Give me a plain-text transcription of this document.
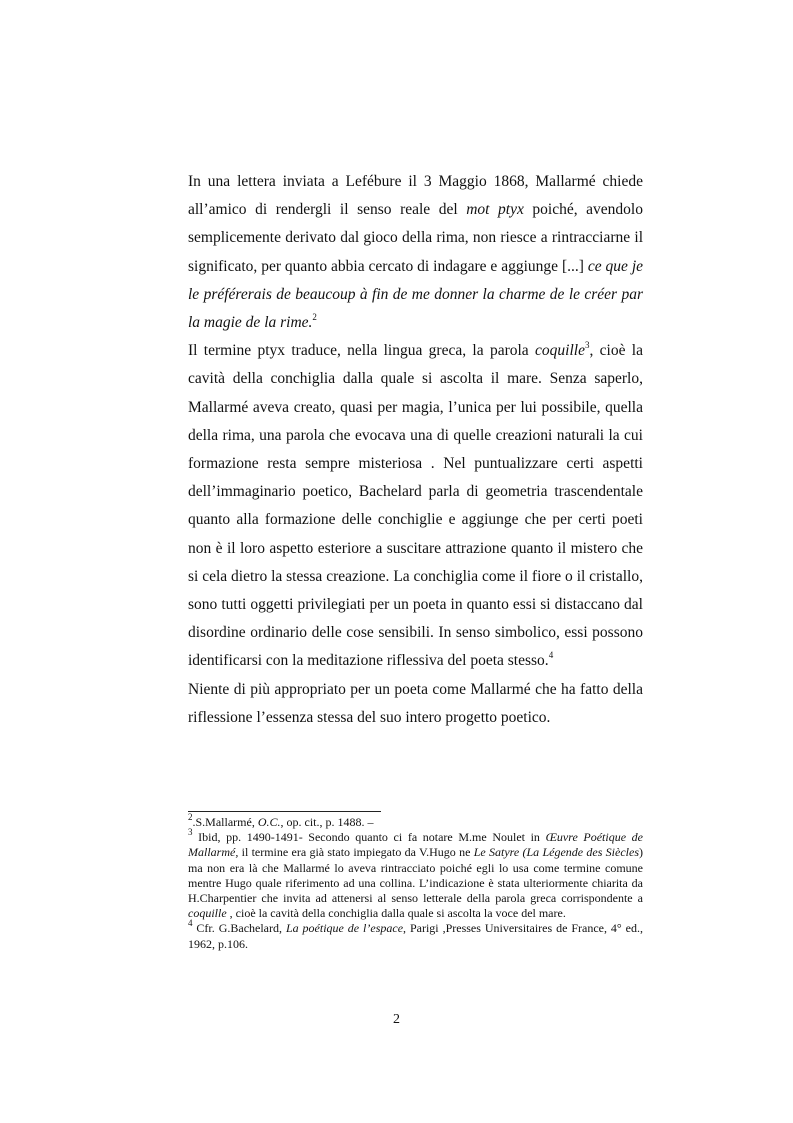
In una lettera inviata a Lefébure il 3 Maggio 1868, Mallarmé chiede all’amico di rendergli il senso reale del mot ptyx poiché, avendolo semplicemente derivato dal gioco della rima, non riesce a rintracciarne il significato, per quanto abbia cercato di indagare e aggiunge [...] ce que je le préférerais de beaucoup à fin de me donner la charme de le créer par la magie de la rime.$^2$

Il termine ptyx traduce, nella lingua greca, la parola coquille$^3$, cioè la cavità della conchiglia dalla quale si ascolta il mare. Senza saperlo, Mallarmé aveva creato, quasi per magia, l’unica per lui possibile, quella della rima, una parola che evocava una di quelle creazioni naturali la cui formazione resta sempre misteriosa . Nel puntualizzare certi aspetti dell’immaginario poetico, Bachelard parla di geometria trascendentale quanto alla formazione delle conchiglie e aggiunge che per certi poeti non è il loro aspetto esteriore a suscitare attrazione quanto il mistero che si cela dietro la stessa creazione. La conchiglia come il fiore o il cristallo, sono tutti oggetti privilegiati per un poeta in quanto essi si distaccano dal disordine ordinario delle cose sensibili. In senso simbolico, essi possono identificarsi con la meditazione riflessiva del poeta stesso.$^4$

Niente di più appropriato per un poeta come Mallarmé che ha fatto della riflessione l’essenza stessa del suo intero progetto poetico.

$^2$.S.Mallarmé, O.C., op. cit., p. 1488. –

$^3$ Ibid, pp. 1490-1491- Secondo quanto ci fa notare M.me Noulet in Œuvre Poétique de Mallarmé, il termine era già stato impiegato da V.Hugo ne Le Satyre (La Légende des Siècles) ma non era là che Mallarmé lo aveva rintracciato poiché egli lo usa come termine comune mentre Hugo quale riferimento ad una collina. L’indicazione è stata ulteriormente chiarita da H.Charpentier che invita ad attenersi al senso letterale della parola greca corrispondente a coquille , cioè la cavità della conchiglia dalla quale si ascolta la voce del mare.

$^4$ Cfr. G.Bachelard, La poétique de l’espace, Parigi ,Presses Universitaires de France, 4° ed., 1962, p.106.

2
